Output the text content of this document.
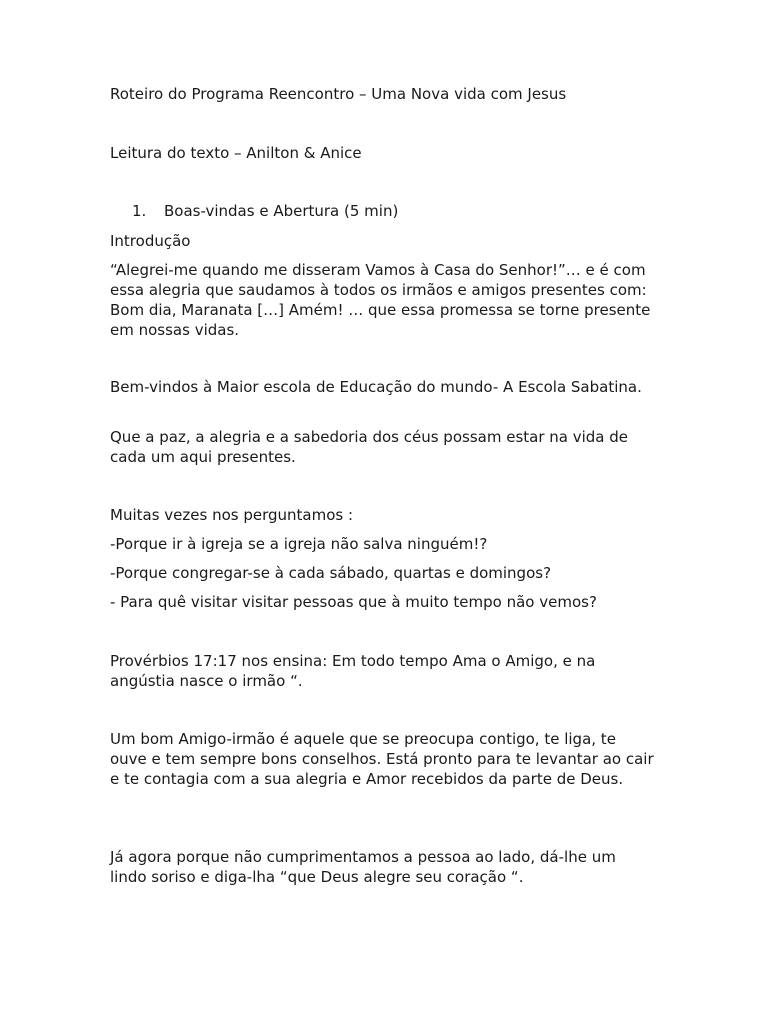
Roteiro do Programa Reencontro – Uma Nova vida com Jesus

Leitura do texto – Anilton & Anice

1. Boas-vindas e Abertura (5 min)

Introdução

“Alegrei-me quando me disseram Vamos à Casa do Senhor!”… e é com essa alegria que saudamos à todos os irmãos e amigos presentes com: Bom dia, Maranata […] Amém! … que essa promessa se torne presente em nossas vidas.

Bem-vindos à Maior escola de Educação do mundo- A Escola Sabatina.

Que a paz, a alegria e a sabedoria dos céus possam estar na vida de cada um aqui presentes.

Muitas vezes nos perguntamos :

-Porque ir à igreja se a igreja não salva ninguém!?

-Porque congregar-se à cada sábado, quartas e domingos?

- Para quê visitar visitar pessoas que à muito tempo não vemos?

Provérbios 17:17 nos ensina: Em todo tempo Ama o Amigo, e na angústia nasce o irmão “.

Um bom Amigo-irmão é aquele que se preocupa contigo, te liga, te ouve e tem sempre bons conselhos. Está pronto para te levantar ao cair e te contagia com a sua alegria e Amor recebidos da parte de Deus.

Já agora porque não cumprimentamos a pessoa ao lado, dá-lhe um lindo soriso e diga-lha “que Deus alegre seu coração “.
